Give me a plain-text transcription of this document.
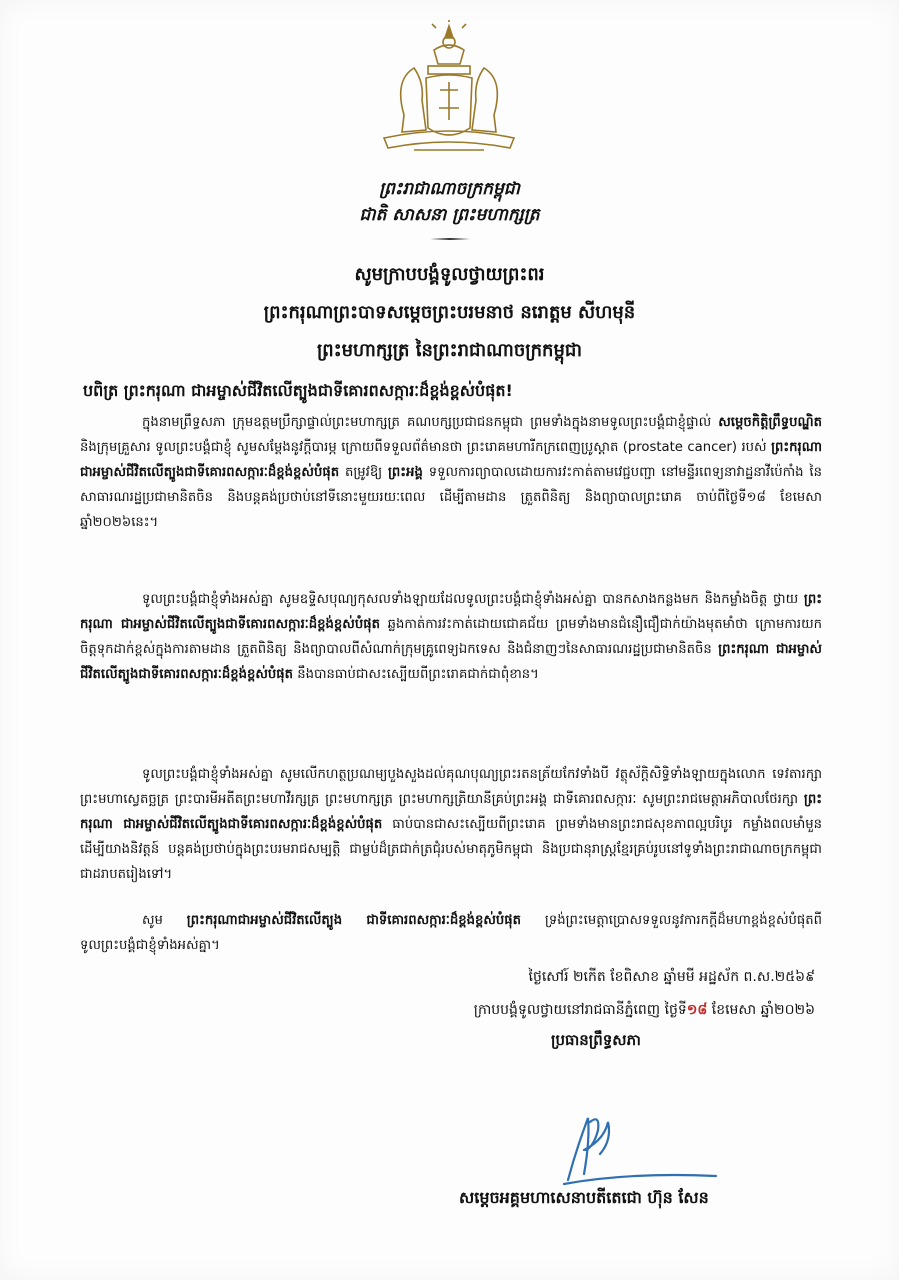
ព្រះរាជាណាចក្រកម្ពុជា
ជាតិ សាសនា ព្រះមហាក្សត្រ
សូមក្រាបបង្គំទូលថ្វាយព្រះពរ
ព្រះករុណាព្រះបាទសម្តេចព្រះបរមនាថ នរោត្តម សីហមុនី
ព្រះមហាក្សត្រ នៃព្រះរាជាណាចក្រកម្ពុជា
បពិត្រ ព្រះករុណា ជាអម្ចាស់ជីវិតលើត្បូងជាទីគោរពសក្ការៈដ៏ខ្ពង់ខ្ពស់បំផុត!
ក្នុងនាមព្រឹទ្ធសភា ក្រុមឧត្តមប្រឹក្សាផ្ទាល់ព្រះមហាក្សត្រ គណបក្សប្រជាជនកម្ពុជា ព្រមទាំងក្នុងនាមទូលព្រះបង្គំជាខ្ញុំផ្ទាល់ សម្ដេចកិត្តិព្រឹទ្ធបណ្ឌិត និងក្រុមគ្រួសារ ទូលព្រះបង្គំជាខ្ញុំ សូមសម្ដែងនូវក្ដីបារម្ភ ក្រោយពីទទួលព័ត៌មានថា ព្រះរោគមហារីកក្រពេញប្រូស្តាត (prostate cancer) របស់ ព្រះករុណា ជាអម្ចាស់ជីវិតលើត្បូងជាទីគោរពសក្ការៈដ៏ខ្ពង់ខ្ពស់បំផុត តម្រូវឱ្យ ព្រះអង្គ ទទួលការព្យាបាលដោយការវះកាត់តាមវេជ្ជបញ្ជា នៅមន្ទីរពេទ្យនាវាដ្ឋនាវីប៉េកាំង នៃសាធារណរដ្ឋប្រជាមានិតចិន និងបន្តគង់ប្រថាប់នៅទីនោះមួយរយៈពេល ដើម្បីតាមដាន ត្រួតពិនិត្យ និងព្យាបាលព្រះរោគ ចាប់ពីថ្ងៃទី១៨ ខែមេសា ឆ្នាំ២០២៦នេះ។
ទូលព្រះបង្គំជាខ្ញុំទាំងអស់គ្នា សូមឧទ្ទិសបុណ្យកុសលទាំងឡាយដែលទូលព្រះបង្គំជាខ្ញុំទាំងអស់គ្នា បានកសាងកន្លងមក និងកម្លាំងចិត្ត ថ្វាយ ព្រះករុណា ជាអម្ចាស់ជីវិតលើត្បូងជាទីគោរពសក្ការៈដ៏ខ្ពង់ខ្ពស់បំផុត ឆ្លងកាត់ការវះកាត់ដោយជោគជ័យ ព្រមទាំងមានជំនឿជឿជាក់យ៉ាងមុតមាំថា ក្រោមការយកចិត្តទុកដាក់ខ្ពស់ក្នុងការតាមដាន ត្រួតពិនិត្យ និងព្យាបាលពីសំណាក់ក្រុមគ្រូពេទ្យឯកទេស និងជំនាញៗនៃសាធារណរដ្ឋប្រជាមានិតចិន ព្រះករុណា ជាអម្ចាស់ជីវិតលើត្បូងជាទីគោរពសក្ការៈដ៏ខ្ពង់ខ្ពស់បំផុត នឹងបានធាប់ជាសះស្បើយពីព្រះរោគជាក់ជាពុំខាន។
ទូលព្រះបង្គំជាខ្ញុំទាំងអស់គ្នា សូមលើកហត្ថប្រណម្យបួងសួងដល់គុណបុណ្យព្រះរតនត្រ័យកែវទាំងបី វត្ថុស័ក្តិសិទ្ធិទាំងឡាយក្នុងលោក ទេវតារក្សាព្រះមហាស្វេតច្ឆត្រ ព្រះបារមីអតីតព្រះមហាវីរក្សត្រ ព្រះមហាក្សត្រ ព្រះមហាក្សត្រិយានីគ្រប់ព្រះអង្គ ជាទីគោរពសក្ការៈ សូមព្រះរាជមេត្តាអភិបាលថែរក្សា ព្រះករុណា ជាអម្ចាស់ជីវិតលើត្បូងជាទីគោរពសក្ការៈដ៏ខ្ពង់ខ្ពស់បំផុត ធាប់បានជាសះស្បើយពីព្រះរោគ ព្រមទាំងមានព្រះរាជសុខភាពល្អបរិបូរ កម្លាំងពលមាំមួន ដើម្បីយាងនិវត្តន៍ បន្តគង់ប្រថាប់ក្នុងព្រះបរមរាជសម្បត្តិ ជាម្លប់ដ៏ត្រជាក់ត្រជុំរបស់មាតុភូមិកម្ពុជា និងប្រជានុរាស្ត្រខ្មែរគ្រប់រូបនៅទូទាំងព្រះរាជាណាចក្រកម្ពុជា ជាដរាបតរៀងទៅ។
សូម ព្រះករុណាជាអម្ចាស់ជីវិតលើត្បូង ជាទីគោរពសក្ការៈដ៏ខ្ពង់ខ្ពស់បំផុត ទ្រង់ព្រះមេត្តាប្រោសទទួលនូវការកក្ដីដ៏មហាខ្ពង់ខ្ពស់បំផុតពីទូលព្រះបង្គំជាខ្ញុំទាំងអស់គ្នា។
ថ្ងៃសៅរ៍ ២កើត ខែពិសាខ ឆ្នាំមមី អដ្ឋស័ក ព.ស.២៥៦៩
ក្រាបបង្គំទូលថ្វាយនៅរាជធានីភ្នំពេញ ថ្ងៃទី១៨ ខែមេសា ឆ្នាំ២០២៦
ប្រធានព្រឹទ្ធសភា
សម្តេចអគ្គមហាសេនាបតីតេជោ ហ៊ុន សែន
